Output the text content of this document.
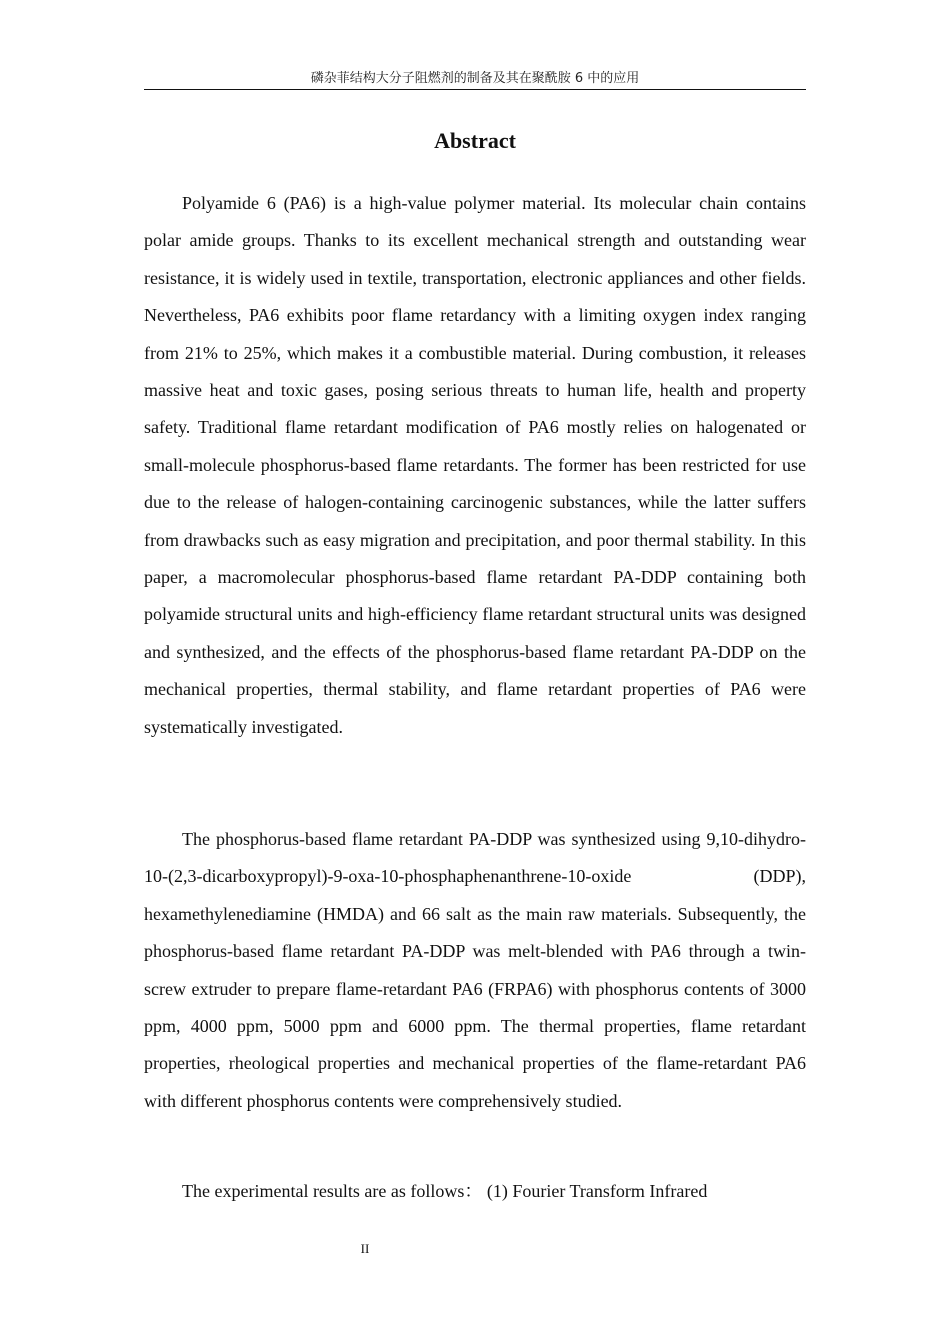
磷杂菲结构大分子阻燃剂的制备及其在聚酰胺 6 中的应用
Abstract

Polyamide 6 (PA6) is a high-value polymer material. Its molecular chain contains polar amide groups. Thanks to its excellent mechanical strength and outstanding wear resistance, it is widely used in textile, transportation, electronic appliances and other fields. Nevertheless, PA6 exhibits poor flame retardancy with a limiting oxygen index ranging from 21% to 25%, which makes it a combustible material. During combustion, it releases massive heat and toxic gases, posing serious threats to human life, health and property safety. Traditional flame retardant modification of PA6 mostly relies on halogenated or small-molecule phosphorus-based flame retardants. The former has been restricted for use due to the release of halogen-containing carcinogenic substances, while the latter suffers from drawbacks such as easy migration and precipitation, and poor thermal stability. In this paper, a macromolecular phosphorus-based flame retardant PA-DDP containing both polyamide structural units and high-efficiency flame retardant structural units was designed and synthesized, and the effects of the phosphorus-based flame retardant PA-DDP on the mechanical properties, thermal stability, and flame retardant properties of PA6 were systematically investigated.

The phosphorus-based flame retardant PA-DDP was synthesized using 9,10-dihydro-10-(2,3-dicarboxypropyl)-9-oxa-10-phosphaphenanthrene-10-oxide (DDP), hexamethylenediamine (HMDA) and 66 salt as the main raw materials. Subsequently, the phosphorus-based flame retardant PA-DDP was melt-blended with PA6 through a twin-screw extruder to prepare flame-retardant PA6 (FRPA6) with phosphorus contents of 3000 ppm, 4000 ppm, 5000 ppm and 6000 ppm. The thermal properties, flame retardant properties, rheological properties and mechanical properties of the flame-retardant PA6 with different phosphorus contents were comprehensively studied.

The experimental results are as follows： (1) Fourier Transform Infrared

II
